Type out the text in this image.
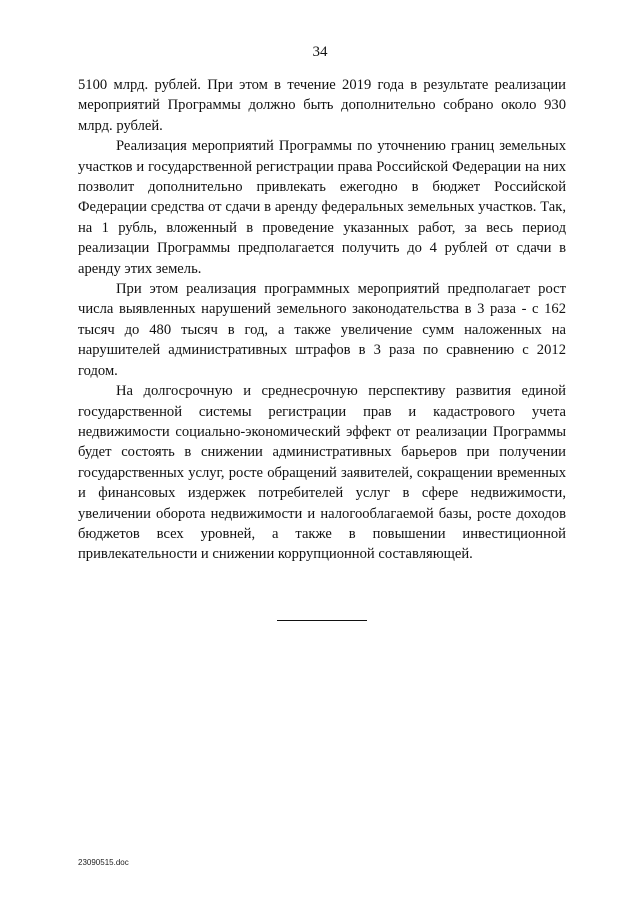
34

5100 млрд. рублей. При этом в течение 2019 года в результате реализации мероприятий Программы должно быть дополнительно собрано около 930 млрд. рублей.

Реализация мероприятий Программы по уточнению границ земельных участков и государственной регистрации права Российской Федерации на них позволит дополнительно привлекать ежегодно в бюджет Российской Федерации средства от сдачи в аренду федеральных земельных участков. Так, на 1 рубль, вложенный в проведение указанных работ, за весь период реализации Программы предполагается получить до 4 рублей от сдачи в аренду этих земель.

При этом реализация программных мероприятий предполагает рост числа выявленных нарушений земельного законодательства в 3 раза - с 162 тысяч до 480 тысяч в год, а также увеличение сумм наложенных на нарушителей административных штрафов в 3 раза по сравнению с 2012 годом.

На долгосрочную и среднесрочную перспективу развития единой государственной системы регистрации прав и кадастрового учета недвижимости социально-экономический эффект от реализации Программы будет состоять в снижении административных барьеров при получении государственных услуг, росте обращений заявителей, сокращении временных и финансовых издержек потребителей услуг в сфере недвижимости, увеличении оборота недвижимости и налогооблагаемой базы, росте доходов бюджетов всех уровней, а также в повышении инвестиционной привлекательности и снижении коррупционной составляющей.

23090515.doc
